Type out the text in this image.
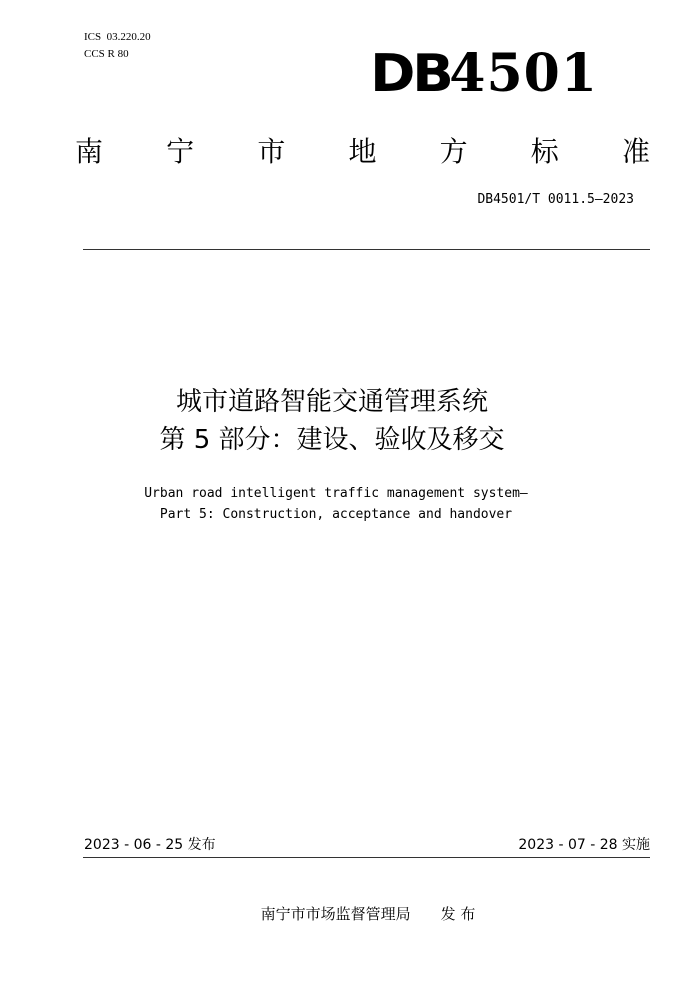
ICS  03.220.20
CCS R 80	DB4501
南 宁 市 地 方 标 准
DB4501/T 0011.5—2023
城市道路智能交通管理系统
第 5 部分：建设、验收及移交
Urban road intelligent traffic management system—
Part 5: Construction, acceptance and handover
2023 - 06 - 25 发布	2023 - 07 - 28 实施
南宁市市场监督管理局 发 布
